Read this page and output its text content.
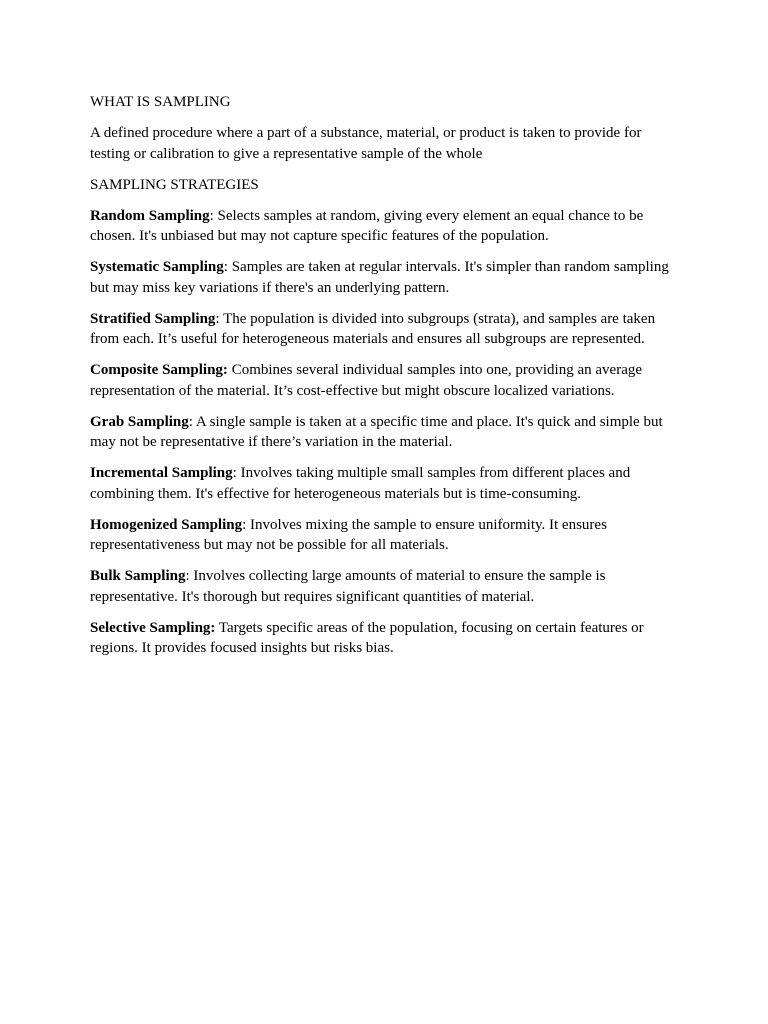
WHAT IS SAMPLING

A defined procedure where a part of a substance, material, or product is taken to provide for testing or calibration to give a representative sample of the whole

SAMPLING STRATEGIES

Random Sampling: Selects samples at random, giving every element an equal chance to be chosen. It's unbiased but may not capture specific features of the population.

Systematic Sampling: Samples are taken at regular intervals. It's simpler than random sampling but may miss key variations if there's an underlying pattern.

Stratified Sampling: The population is divided into subgroups (strata), and samples are taken from each. It’s useful for heterogeneous materials and ensures all subgroups are represented.

Composite Sampling: Combines several individual samples into one, providing an average representation of the material. It’s cost-effective but might obscure localized variations.

Grab Sampling: A single sample is taken at a specific time and place. It's quick and simple but may not be representative if there’s variation in the material.

Incremental Sampling: Involves taking multiple small samples from different places and combining them. It's effective for heterogeneous materials but is time-consuming.

Homogenized Sampling: Involves mixing the sample to ensure uniformity. It ensures representativeness but may not be possible for all materials.

Bulk Sampling: Involves collecting large amounts of material to ensure the sample is representative. It's thorough but requires significant quantities of material.

Selective Sampling: Targets specific areas of the population, focusing on certain features or regions. It provides focused insights but risks bias.
